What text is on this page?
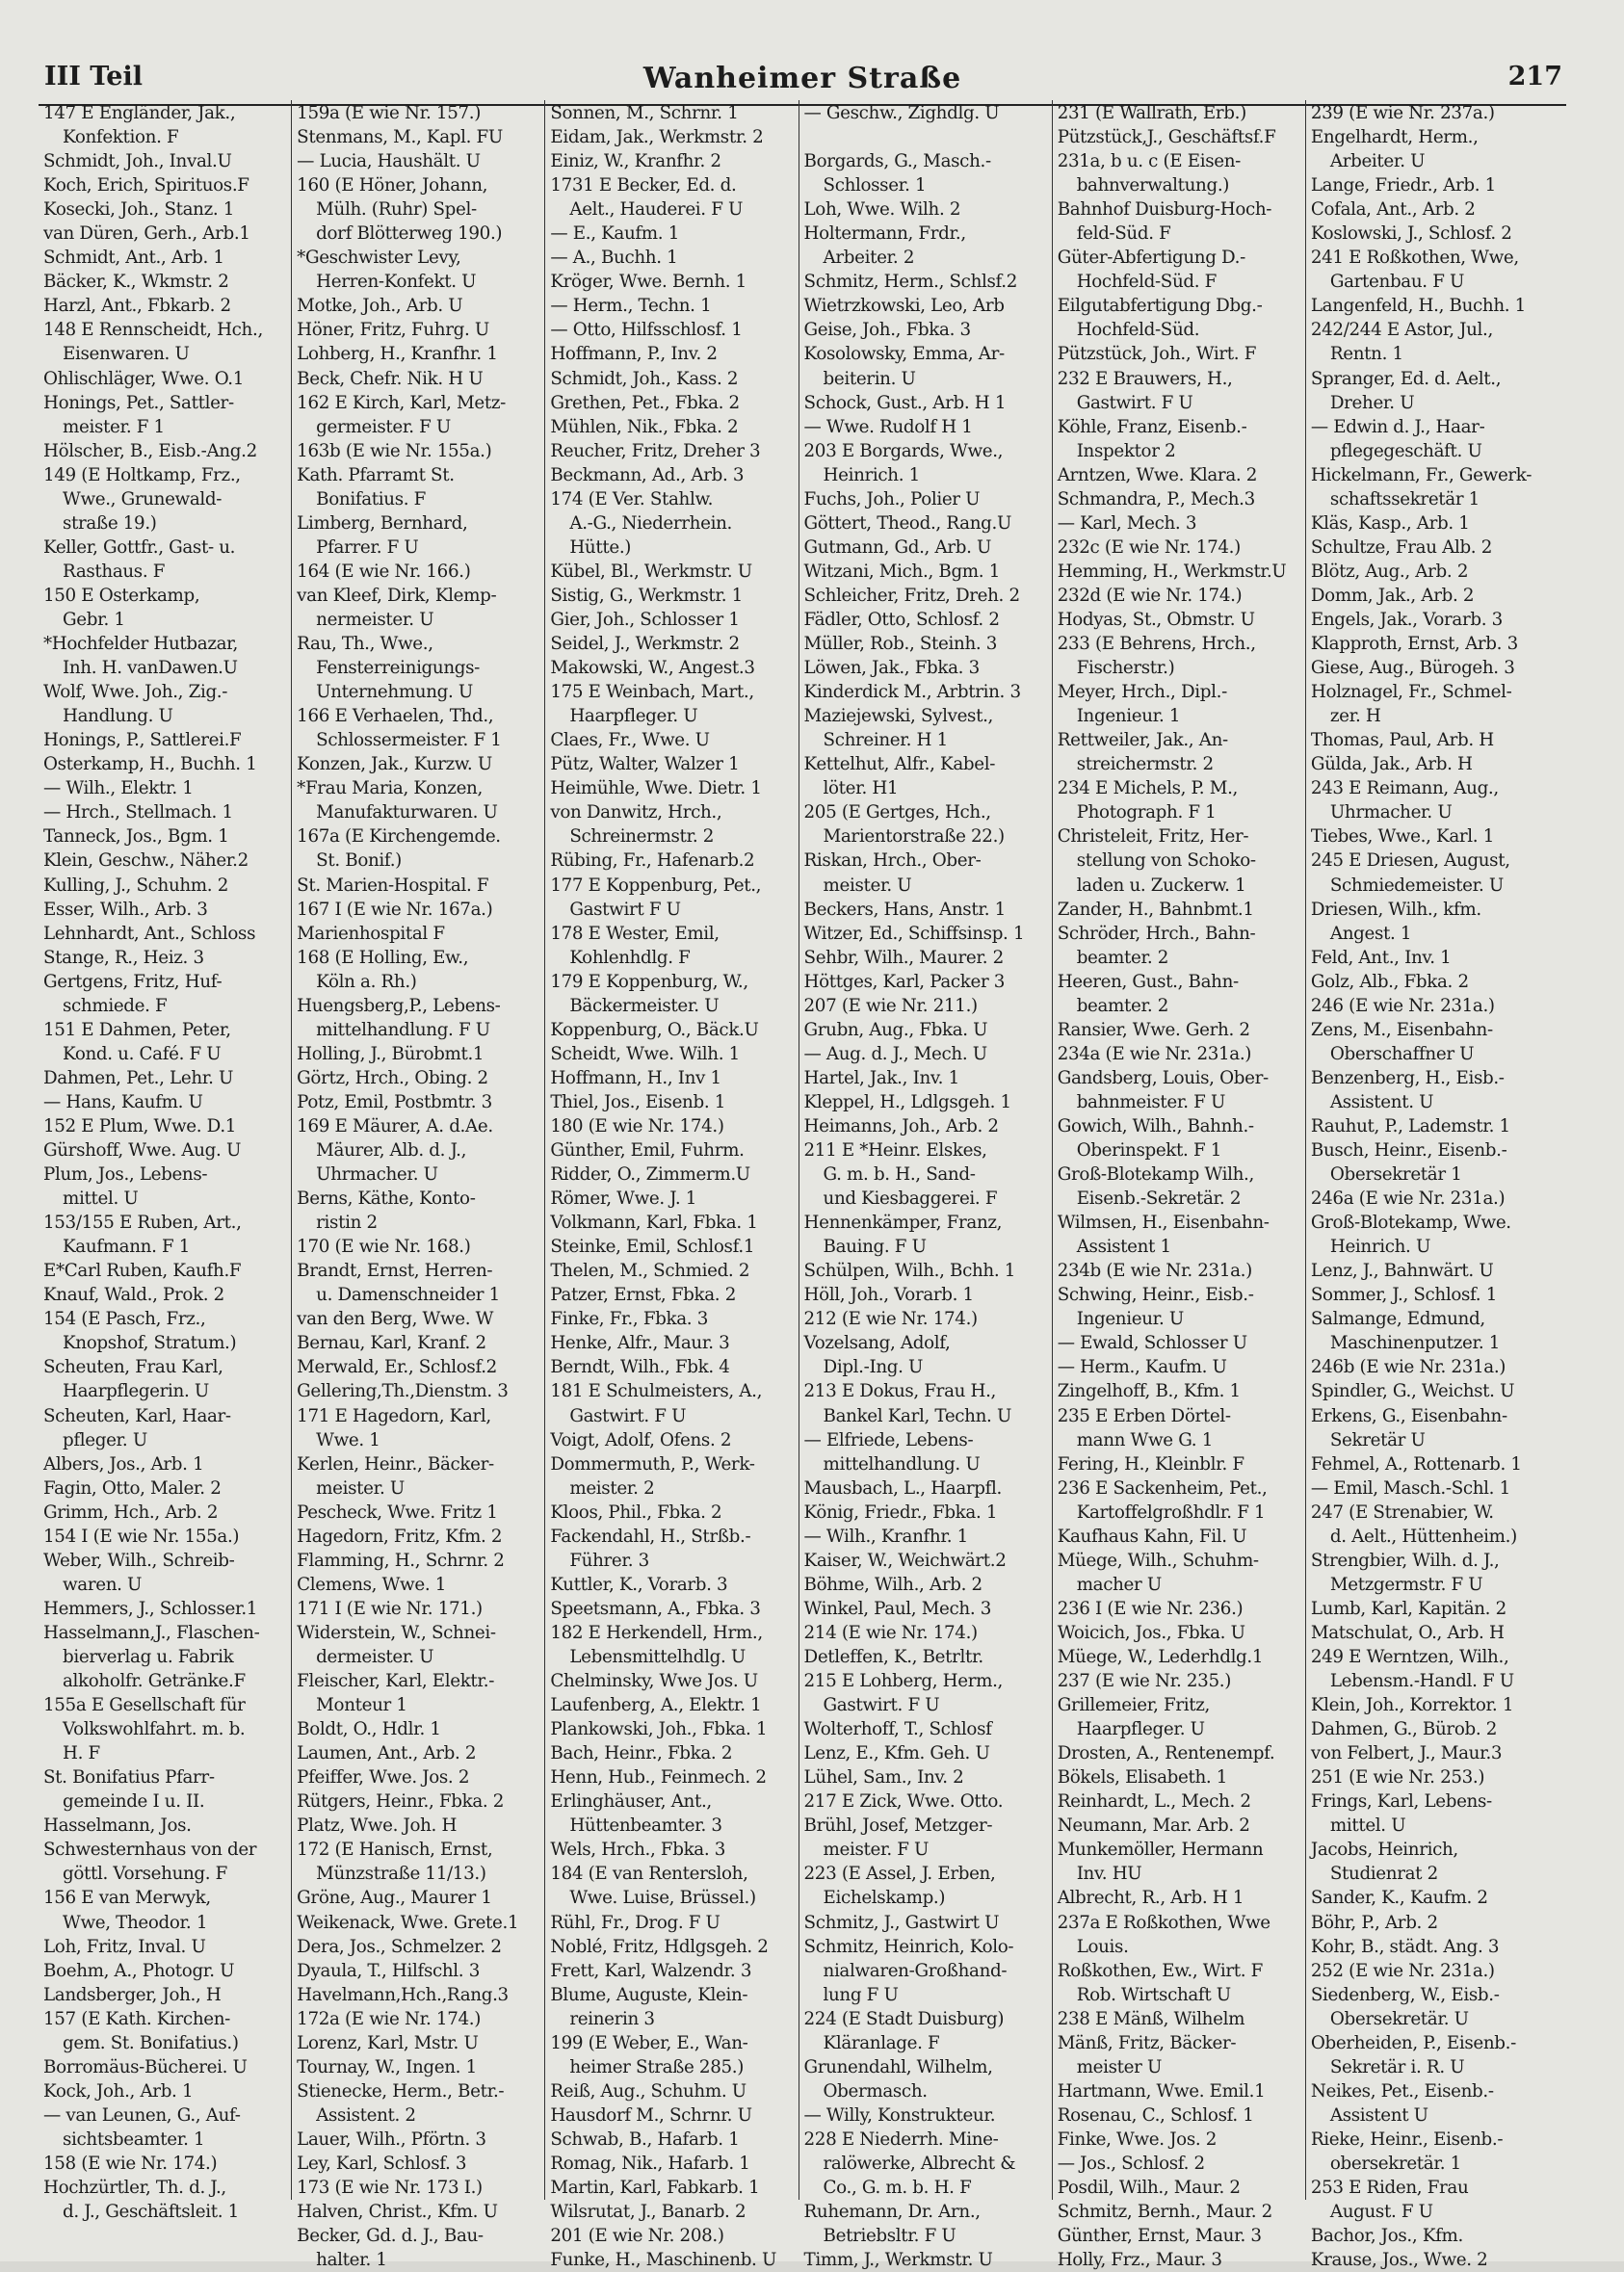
III Teil	Wanheimer Straße	217
147 E Engländer, Jak.,
Konfektion. F
Schmidt, Joh., Inval.U
Koch, Erich, Spirituos.F
Kosecki, Joh., Stanz. 1
van Düren, Gerh., Arb.1
Schmidt, Ant., Arb. 1
Bäcker, K., Wkmstr. 2
Harzl, Ant., Fbkarb. 2
148 E Rennscheidt, Hch.,
Eisenwaren. U
Ohlischläger, Wwe. O.1
Honings, Pet., Sattler-
meister. F 1
Hölscher, B., Eisb.-Ang.2
149 (E Holtkamp, Frz.,
Wwe., Grunewald-
straße 19.)
Keller, Gottfr., Gast- u.
Rasthaus. F
150 E Osterkamp,
Gebr. 1
*Hochfelder Hutbazar,
Inh. H. vanDawen.U
Wolf, Wwe. Joh., Zig.-
Handlung. U
Honings, P., Sattlerei.F
Osterkamp, H., Buchh. 1
— Wilh., Elektr. 1
— Hrch., Stellmach. 1
Tanneck, Jos., Bgm. 1
Klein, Geschw., Näher.2
Kulling, J., Schuhm. 2
Esser, Wilh., Arb. 3
Lehnhardt, Ant., Schloss
Stange, R., Heiz. 3
Gertgens, Fritz, Huf-
schmiede. F
151 E Dahmen, Peter,
Kond. u. Café. F U
Dahmen, Pet., Lehr. U
— Hans, Kaufm. U
152 E Plum, Wwe. D.1
Gürshoff, Wwe. Aug. U
Plum, Jos., Lebens-
mittel. U
153/155 E Ruben, Art.,
Kaufmann. F 1
E*Carl Ruben, Kaufh.F
Knauf, Wald., Prok. 2
154 (E Pasch, Frz.,
Knopshof, Stratum.)
Scheuten, Frau Karl,
Haarpflegerin. U
Scheuten, Karl, Haar-
pfleger. U
Albers, Jos., Arb. 1
Fagin, Otto, Maler. 2
Grimm, Hch., Arb. 2
154 I (E wie Nr. 155a.)
Weber, Wilh., Schreib-
waren. U
Hemmers, J., Schlosser.1
Hasselmann,J., Flaschen-
bierverlag u. Fabrik
alkoholfr. Getränke.F
155a E Gesellschaft für
Volkswohlfahrt. m. b.
H. F
St. Bonifatius Pfarr-
gemeinde I u. II.
Hasselmann, Jos.
Schwesternhaus von der
göttl. Vorsehung. F
156 E van Merwyk,
Wwe, Theodor. 1
Loh, Fritz, Inval. U
Boehm, A., Photogr. U
Landsberger, Joh., H
157 (E Kath. Kirchen-
gem. St. Bonifatius.)
Borromäus-Bücherei. U
Kock, Joh., Arb. 1
— van Leunen, G., Auf-
sichtsbeamter. 1
158 (E wie Nr. 174.)
Hochzürtler, Th. d. J.,
d. J., Geschäftsleit. 1
159a (E wie Nr. 157.)
Stenmans, M., Kapl. FU
— Lucia, Haushält. U
160 (E Höner, Johann,
Mülh. (Ruhr) Spel-
dorf Blötterweg 190.)
*Geschwister Levy,
Herren-Konfekt. U
Motke, Joh., Arb. U
Höner, Fritz, Fuhrg. U
Lohberg, H., Kranfhr. 1
Beck, Chefr. Nik. H U
162 E Kirch, Karl, Metz-
germeister. F U
163b (E wie Nr. 155a.)
Kath. Pfarramt St.
Bonifatius. F
Limberg, Bernhard,
Pfarrer. F U
164 (E wie Nr. 166.)
van Kleef, Dirk, Klemp-
nermeister. U
Rau, Th., Wwe.,
Fensterreinigungs-
Unternehmung. U
166 E Verhaelen, Thd.,
Schlossermeister. F 1
Konzen, Jak., Kurzw. U
*Frau Maria, Konzen,
Manufakturwaren. U
167a (E Kirchengemde.
St. Bonif.)
St. Marien-Hospital. F
167 I (E wie Nr. 167a.)
Marienhospital F
168 (E Holling, Ew.,
Köln a. Rh.)
Huengsberg,P., Lebens-
mittelhandlung. F U
Holling, J., Bürobmt.1
Görtz, Hrch., Obing. 2
Potz, Emil, Postbmtr. 3
169 E Mäurer, A. d.Ae.
Mäurer, Alb. d. J.,
Uhrmacher. U
Berns, Käthe, Konto-
ristin 2
170 (E wie Nr. 168.)
Brandt, Ernst, Herren-
u. Damenschneider 1
van den Berg, Wwe. W
Bernau, Karl, Kranf. 2
Merwald, Er., Schlosf.2
Gellering,Th.,Dienstm. 3
171 E Hagedorn, Karl,
Wwe. 1
Kerlen, Heinr., Bäcker-
meister. U
Pescheck, Wwe. Fritz 1
Hagedorn, Fritz, Kfm. 2
Flamming, H., Schrnr. 2
Clemens, Wwe. 1
171 I (E wie Nr. 171.)
Widerstein, W., Schnei-
dermeister. U
Fleischer, Karl, Elektr.-
Monteur 1
Boldt, O., Hdlr. 1
Laumen, Ant., Arb. 2
Pfeiffer, Wwe. Jos. 2
Rütgers, Heinr., Fbka. 2
Platz, Wwe. Joh. H
172 (E Hanisch, Ernst,
Münzstraße 11/13.)
Gröne, Aug., Maurer 1
Weikenack, Wwe. Grete.1
Dera, Jos., Schmelzer. 2
Dyaula, T., Hilfschl. 3
Havelmann,Hch.,Rang.3
172a (E wie Nr. 174.)
Lorenz, Karl, Mstr. U
Tournay, W., Ingen. 1
Stienecke, Herm., Betr.-
Assistent. 2
Lauer, Wilh., Pförtn. 3
Ley, Karl, Schlosf. 3
173 (E wie Nr. 173 I.)
Halven, Christ., Kfm. U
Becker, Gd. d. J., Bau-
halter. 1
Sonnen, M., Schrnr. 1
Eidam, Jak., Werkmstr. 2
Einiz, W., Kranfhr. 2
1731 E Becker, Ed. d.
Aelt., Hauderei. F U
— E., Kaufm. 1
— A., Buchh. 1
Kröger, Wwe. Bernh. 1
— Herm., Techn. 1
— Otto, Hilfsschlosf. 1
Hoffmann, P., Inv. 2
Schmidt, Joh., Kass. 2
Grethen, Pet., Fbka. 2
Mühlen, Nik., Fbka. 2
Reucher, Fritz, Dreher 3
Beckmann, Ad., Arb. 3
174 (E Ver. Stahlw.
A.-G., Niederrhein.
Hütte.)
Kübel, Bl., Werkmstr. U
Sistig, G., Werkmstr. 1
Gier, Joh., Schlosser 1
Seidel, J., Werkmstr. 2
Makowski, W., Angest.3
175 E Weinbach, Mart.,
Haarpfleger. U
Claes, Fr., Wwe. U
Pütz, Walter, Walzer 1
Heimühle, Wwe. Dietr. 1
von Danwitz, Hrch.,
Schreinermstr. 2
Rübing, Fr., Hafenarb.2
177 E Koppenburg, Pet.,
Gastwirt F U
178 E Wester, Emil,
Kohlenhdlg. F
179 E Koppenburg, W.,
Bäckermeister. U
Koppenburg, O., Bäck.U
Scheidt, Wwe. Wilh. 1
Hoffmann, H., Inv 1
Thiel, Jos., Eisenb. 1
180 (E wie Nr. 174.)
Günther, Emil, Fuhrm.
Ridder, O., Zimmerm.U
Römer, Wwe. J. 1
Volkmann, Karl, Fbka. 1
Steinke, Emil, Schlosf.1
Thelen, M., Schmied. 2
Patzer, Ernst, Fbka. 2
Finke, Fr., Fbka. 3
Henke, Alfr., Maur. 3
Berndt, Wilh., Fbk. 4
181 E Schulmeisters, A.,
Gastwirt. F U
Voigt, Adolf, Ofens. 2
Dommermuth, P., Werk-
meister. 2
Kloos, Phil., Fbka. 2
Fackendahl, H., Strßb.-
Führer. 3
Kuttler, K., Vorarb. 3
Speetsmann, A., Fbka. 3
182 E Herkendell, Hrm.,
Lebensmittelhdlg. U
Chelminsky, Wwe Jos. U
Laufenberg, A., Elektr. 1
Plankowski, Joh., Fbka. 1
Bach, Heinr., Fbka. 2
Henn, Hub., Feinmech. 2
Erlinghäuser, Ant.,
Hüttenbeamter. 3
Wels, Hrch., Fbka. 3
184 (E van Rentersloh,
Wwe. Luise, Brüssel.)
Rühl, Fr., Drog. F U
Noblé, Fritz, Hdlgsgeh. 2
Frett, Karl, Walzendr. 3
Blume, Auguste, Klein-
reinerin 3
199 (E Weber, E., Wan-
heimer Straße 285.)
Reiß, Aug., Schuhm. U
Hausdorf M., Schrnr. U
Schwab, B., Hafarb. 1
Romag, Nik., Hafarb. 1
Martin, Karl, Fabkarb. 1
Wilsrutat, J., Banarb. 2
201 (E wie Nr. 208.)
Funke, H., Maschinenb. U
— Geschw., Zighdlg. U
Borgards, G., Masch.-
Schlosser. 1
Loh, Wwe. Wilh. 2
Holtermann, Frdr.,
Arbeiter. 2
Schmitz, Herm., Schlsf.2
Wietrzkowski, Leo, Arb
Geise, Joh., Fbka. 3
Kosolowsky, Emma, Ar-
beiterin. U
Schock, Gust., Arb. H 1
— Wwe. Rudolf H 1
203 E Borgards, Wwe.,
Heinrich. 1
Fuchs, Joh., Polier U
Göttert, Theod., Rang.U
Gutmann, Gd., Arb. U
Witzani, Mich., Bgm. 1
Schleicher, Fritz, Dreh. 2
Fädler, Otto, Schlosf. 2
Müller, Rob., Steinh. 3
Löwen, Jak., Fbka. 3
Kinderdick M., Arbtrin. 3
Maziejewski, Sylvest.,
Schreiner. H 1
Kettelhut, Alfr., Kabel-
löter. H1
205 (E Gertges, Hch.,
Marientorstraße 22.)
Riskan, Hrch., Ober-
meister. U
Beckers, Hans, Anstr. 1
Witzer, Ed., Schiffsinsp. 1
Sehbr, Wilh., Maurer. 2
Höttges, Karl, Packer 3
207 (E wie Nr. 211.)
Grubn, Aug., Fbka. U
— Aug. d. J., Mech. U
Hartel, Jak., Inv. 1
Kleppel, H., Ldlgsgeh. 1
Heimanns, Joh., Arb. 2
211 E *Heinr. Elskes,
G. m. b. H., Sand-
und Kiesbaggerei. F
Hennenkämper, Franz,
Bauing. F U
Schülpen, Wilh., Bchh. 1
Höll, Joh., Vorarb. 1
212 (E wie Nr. 174.)
Vozelsang, Adolf,
Dipl.-Ing. U
213 E Dokus, Frau H.,
Bankel Karl, Techn. U
— Elfriede, Lebens-
mittelhandlung. U
Mausbach, L., Haarpfl.
König, Friedr., Fbka. 1
— Wilh., Kranfhr. 1
Kaiser, W., Weichwärt.2
Böhme, Wilh., Arb. 2
Winkel, Paul, Mech. 3
214 (E wie Nr. 174.)
Detleffen, K., Betrltr.
215 E Lohberg, Herm.,
Gastwirt. F U
Wolterhoff, T., Schlosf
Lenz, E., Kfm. Geh. U
Lühel, Sam., Inv. 2
217 E Zick, Wwe. Otto.
Brühl, Josef, Metzger-
meister. F U
223 (E Assel, J. Erben,
Eichelskamp.)
Schmitz, J., Gastwirt U
Schmitz, Heinrich, Kolo-
nialwaren-Großhand-
lung F U
224 (E Stadt Duisburg)
Kläranlage. F
Grunendahl, Wilhelm,
Obermasch.
— Willy, Konstrukteur.
228 E Niederrh. Mine-
ralöwerke, Albrecht &
Co., G. m. b. H. F
Ruhemann, Dr. Arn.,
Betriebsltr. F U
Timm, J., Werkmstr. U
231 (E Wallrath, Erb.)
Pützstück,J., Geschäftsf.F
231a, b u. c (E Eisen-
bahnverwaltung.)
Bahnhof Duisburg-Hoch-
feld-Süd. F
Güter-Abfertigung D.-
Hochfeld-Süd. F
Eilgutabfertigung Dbg.-
Hochfeld-Süd.
Pützstück, Joh., Wirt. F
232 E Brauwers, H.,
Gastwirt. F U
Köhle, Franz, Eisenb.-
Inspektor 2
Arntzen, Wwe. Klara. 2
Schmandra, P., Mech.3
— Karl, Mech. 3
232c (E wie Nr. 174.)
Hemming, H., Werkmstr.U
232d (E wie Nr. 174.)
Hodyas, St., Obmstr. U
233 (E Behrens, Hrch.,
Fischerstr.)
Meyer, Hrch., Dipl.-
Ingenieur. 1
Rettweiler, Jak., An-
streichermstr. 2
234 E Michels, P. M.,
Photograph. F 1
Christeleit, Fritz, Her-
stellung von Schoko-
laden u. Zuckerw. 1
Zander, H., Bahnbmt.1
Schröder, Hrch., Bahn-
beamter. 2
Heeren, Gust., Bahn-
beamter. 2
Ransier, Wwe. Gerh. 2
234a (E wie Nr. 231a.)
Gandsberg, Louis, Ober-
bahnmeister. F U
Gowich, Wilh., Bahnh.-
Oberinspekt. F 1
Groß-Blotekamp Wilh.,
Eisenb.-Sekretär. 2
Wilmsen, H., Eisenbahn-
Assistent 1
234b (E wie Nr. 231a.)
Schwing, Heinr., Eisb.-
Ingenieur. U
— Ewald, Schlosser U
— Herm., Kaufm. U
Zingelhoff, B., Kfm. 1
235 E Erben Dörtel-
mann Wwe G. 1
Fering, H., Kleinblr. F
236 E Sackenheim, Pet.,
Kartoffelgroßhdlr. F 1
Kaufhaus Kahn, Fil. U
Müege, Wilh., Schuhm-
macher U
236 I (E wie Nr. 236.)
Woicich, Jos., Fbka. U
Müege, W., Lederhdlg.1
237 (E wie Nr. 235.)
Grillemeier, Fritz,
Haarpfleger. U
Drosten, A., Rentenempf.
Bökels, Elisabeth. 1
Reinhardt, L., Mech. 2
Neumann, Mar. Arb. 2
Munkemöller, Hermann
Inv. HU
Albrecht, R., Arb. H 1
237a E Roßkothen, Wwe
Louis.
Roßkothen, Ew., Wirt. F
Rob. Wirtschaft U
238 E Mänß, Wilhelm
Mänß, Fritz, Bäcker-
meister U
Hartmann, Wwe. Emil.1
Rosenau, C., Schlosf. 1
Finke, Wwe. Jos. 2
— Jos., Schlosf. 2
Posdil, Wilh., Maur. 2
Schmitz, Bernh., Maur. 2
Günther, Ernst, Maur. 3
Holly, Frz., Maur. 3
239 (E wie Nr. 237a.)
Engelhardt, Herm.,
Arbeiter. U
Lange, Friedr., Arb. 1
Cofala, Ant., Arb. 2
Koslowski, J., Schlosf. 2
241 E Roßkothen, Wwe,
Gartenbau. F U
Langenfeld, H., Buchh. 1
242/244 E Astor, Jul.,
Rentn. 1
Spranger, Ed. d. Aelt.,
Dreher. U
— Edwin d. J., Haar-
pflegegeschäft. U
Hickelmann, Fr., Gewerk-
schaftssekretär 1
Kläs, Kasp., Arb. 1
Schultze, Frau Alb. 2
Blötz, Aug., Arb. 2
Domm, Jak., Arb. 2
Engels, Jak., Vorarb. 3
Klapproth, Ernst, Arb. 3
Giese, Aug., Bürogeh. 3
Holznagel, Fr., Schmel-
zer. H
Thomas, Paul, Arb. H
Gülda, Jak., Arb. H
243 E Reimann, Aug.,
Uhrmacher. U
Tiebes, Wwe., Karl. 1
245 E Driesen, August,
Schmiedemeister. U
Driesen, Wilh., kfm.
Angest. 1
Feld, Ant., Inv. 1
Golz, Alb., Fbka. 2
246 (E wie Nr. 231a.)
Zens, M., Eisenbahn-
Oberschaffner U
Benzenberg, H., Eisb.-
Assistent. U
Rauhut, P., Lademstr. 1
Busch, Heinr., Eisenb.-
Obersekretär 1
246a (E wie Nr. 231a.)
Groß-Blotekamp, Wwe.
Heinrich. U
Lenz, J., Bahnwärt. U
Sommer, J., Schlosf. 1
Salmange, Edmund,
Maschinenputzer. 1
246b (E wie Nr. 231a.)
Spindler, G., Weichst. U
Erkens, G., Eisenbahn-
Sekretär U
Fehmel, A., Rottenarb. 1
— Emil, Masch.-Schl. 1
247 (E Strenabier, W.
d. Aelt., Hüttenheim.)
Strengbier, Wilh. d. J.,
Metzgermstr. F U
Lumb, Karl, Kapitän. 2
Matschulat, O., Arb. H
249 E Werntzen, Wilh.,
Lebensm.-Handl. F U
Klein, Joh., Korrektor. 1
Dahmen, G., Bürob. 2
von Felbert, J., Maur.3
251 (E wie Nr. 253.)
Frings, Karl, Lebens-
mittel. U
Jacobs, Heinrich,
Studienrat 2
Sander, K., Kaufm. 2
Böhr, P., Arb. 2
Kohr, B., städt. Ang. 3
252 (E wie Nr. 231a.)
Siedenberg, W., Eisb.-
Obersekretär. U
Oberheiden, P., Eisenb.-
Sekretär i. R. U
Neikes, Pet., Eisenb.-
Assistent U
Rieke, Heinr., Eisenb.-
obersekretär. 1
253 E Riden, Frau
August. F U
Bachor, Jos., Kfm.
Krause, Jos., Wwe. 2
